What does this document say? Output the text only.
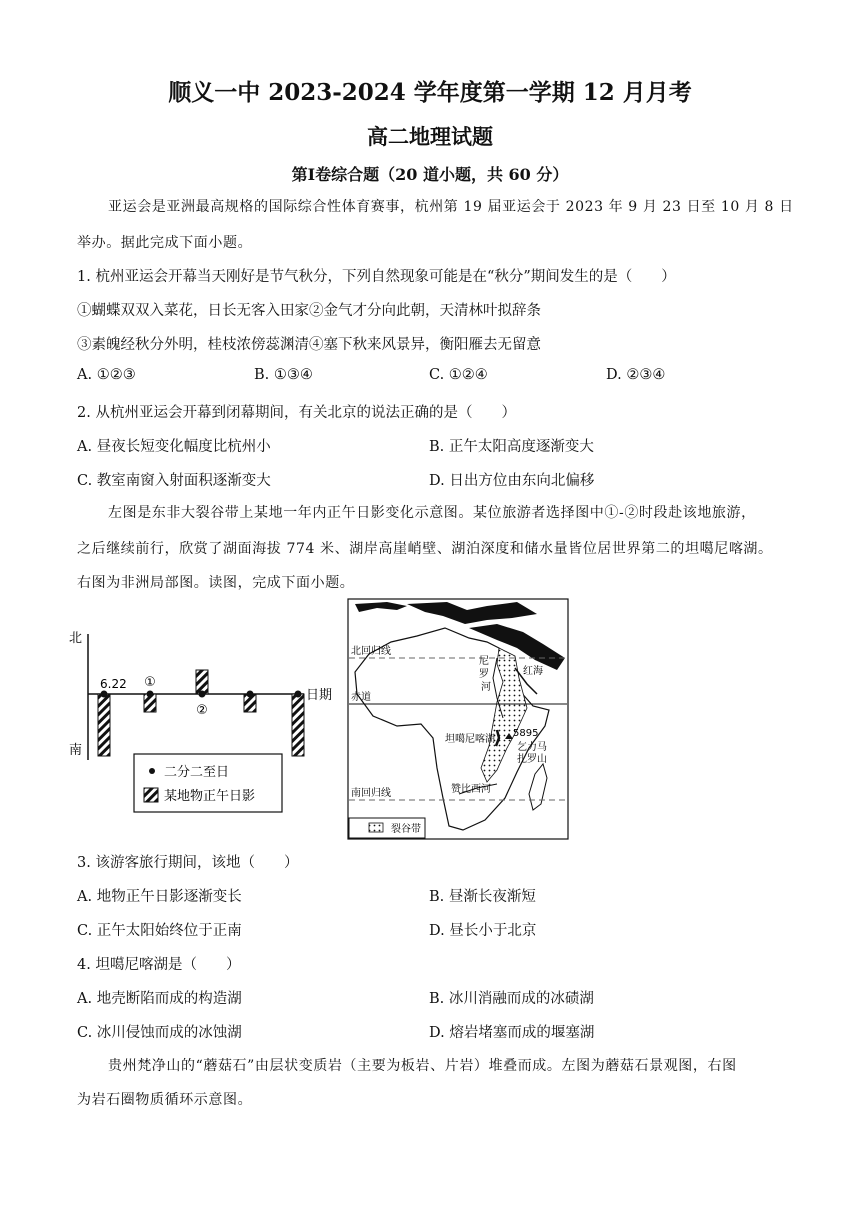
顺义一中 2023-2024 学年度第一学期 12 月月考
高二地理试题
第Ⅰ卷综合题（20 道小题，共 60 分）
亚运会是亚洲最高规格的国际综合性体育赛事，杭州第 19 届亚运会于 2023 年 9 月 23 日至 10 月 8 日
举办。据此完成下面小题。
1. 杭州亚运会开幕当天刚好是节气秋分，下列自然现象可能是在“秋分”期间发生的是（　　）
①蝴蝶双双入菜花，日长无客入田家②金气才分向此朝，天清林叶拟辞条
③素魄经秋分外明，桂枝浓傍蕊渊清④塞下秋来风景异，衡阳雁去无留意
A. ①②③	B. ①③④	C. ①②④	D. ②③④
2. 从杭州亚运会开幕到闭幕期间，有关北京的说法正确的是（　　）
A. 昼夜长短变化幅度比杭州小	B. 正午太阳高度逐渐变大
C. 教室南窗入射面积逐渐变大	D. 日出方位由东向北偏移
左图是东非大裂谷带上某地一年内正午日影变化示意图。某位旅游者选择图中①-②时段赴该地旅游，
之后继续前行，欣赏了湖面海拔 774 米、湖岸高崖峭壁、湖泊深度和储水量皆位居世界第二的坦噶尼喀湖。
右图为非洲局部图。读图，完成下面小题。
北
南
6.22
日期
①
②
二分二至日
某地物正午日影
北回归线
赤道
南回归线
尼
罗
河
红 海
5895
乞力马
扎罗山
坦噶尼喀湖
赞比西河
裂谷带
3. 该游客旅行期间，该地（　　）
A. 地物正午日影逐渐变长	B. 昼渐长夜渐短
C. 正午太阳始终位于正南	D. 昼长小于北京
4. 坦噶尼喀湖是（　　）
A. 地壳断陷而成的构造湖	B. 冰川消融而成的冰碛湖
C. 冰川侵蚀而成的冰蚀湖	D. 熔岩堵塞而成的堰塞湖
贵州梵净山的“蘑菇石”由层状变质岩（主要为板岩、片岩）堆叠而成。左图为蘑菇石景观图，右图
为岩石圈物质循环示意图。
